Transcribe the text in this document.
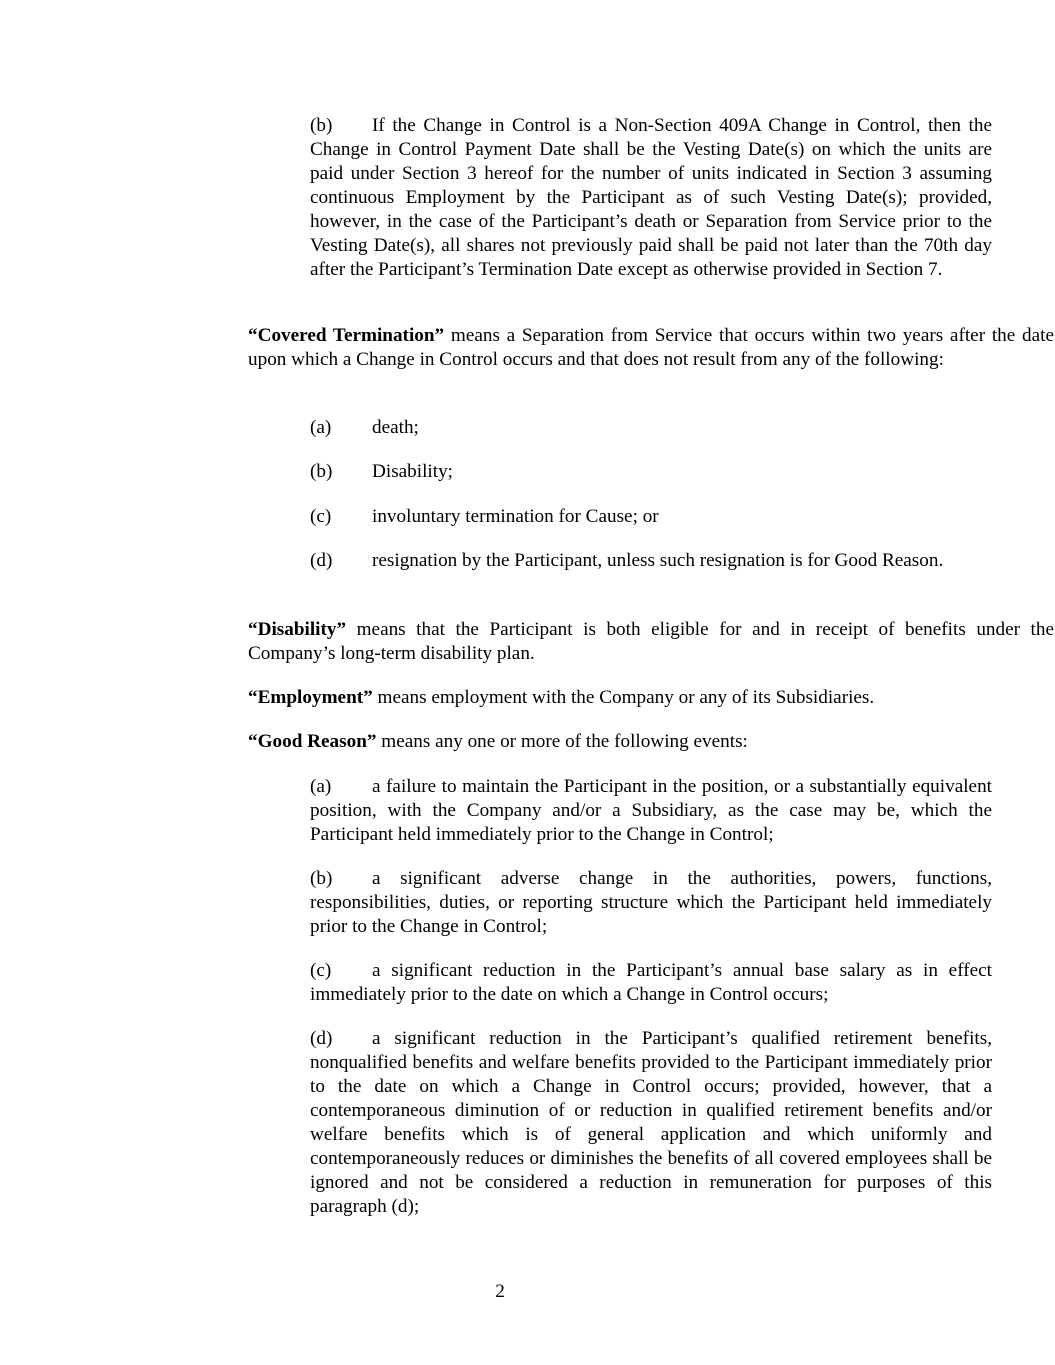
(b) If the Change in Control is a Non-Section 409A Change in Control, then the Change in Control Payment Date shall be the Vesting Date(s) on which the units are paid under Section 3 hereof for the number of units indicated in Section 3 assuming continuous Employment by the Participant as of such Vesting Date(s); provided, however, in the case of the Participant’s death or Separation from Service prior to the Vesting Date(s), all shares not previously paid shall be paid not later than the 70th day after the Participant’s Termination Date except as otherwise provided in Section 7.

“Covered Termination” means a Separation from Service that occurs within two years after the date upon which a Change in Control occurs and that does not result from any of the following:

(a) death;

(b) Disability;

(c) involuntary termination for Cause; or

(d) resignation by the Participant, unless such resignation is for Good Reason.

“Disability” means that the Participant is both eligible for and in receipt of benefits under the Company’s long-term disability plan.

“Employment” means employment with the Company or any of its Subsidiaries.

“Good Reason” means any one or more of the following events:

(a) a failure to maintain the Participant in the position, or a substantially equivalent position, with the Company and/or a Subsidiary, as the case may be, which the Participant held immediately prior to the Change in Control;

(b) a significant adverse change in the authorities, powers, functions, responsibilities, duties, or reporting structure which the Participant held immediately prior to the Change in Control;

(c) a significant reduction in the Participant’s annual base salary as in effect immediately prior to the date on which a Change in Control occurs;

(d) a significant reduction in the Participant’s qualified retirement benefits, nonqualified benefits and welfare benefits provided to the Participant immediately prior to the date on which a Change in Control occurs; provided, however, that a contemporaneous diminution of or reduction in qualified retirement benefits and/or welfare benefits which is of general application and which uniformly and contemporaneously reduces or diminishes the benefits of all covered employees shall be ignored and not be considered a reduction in remuneration for purposes of this paragraph (d);

2
